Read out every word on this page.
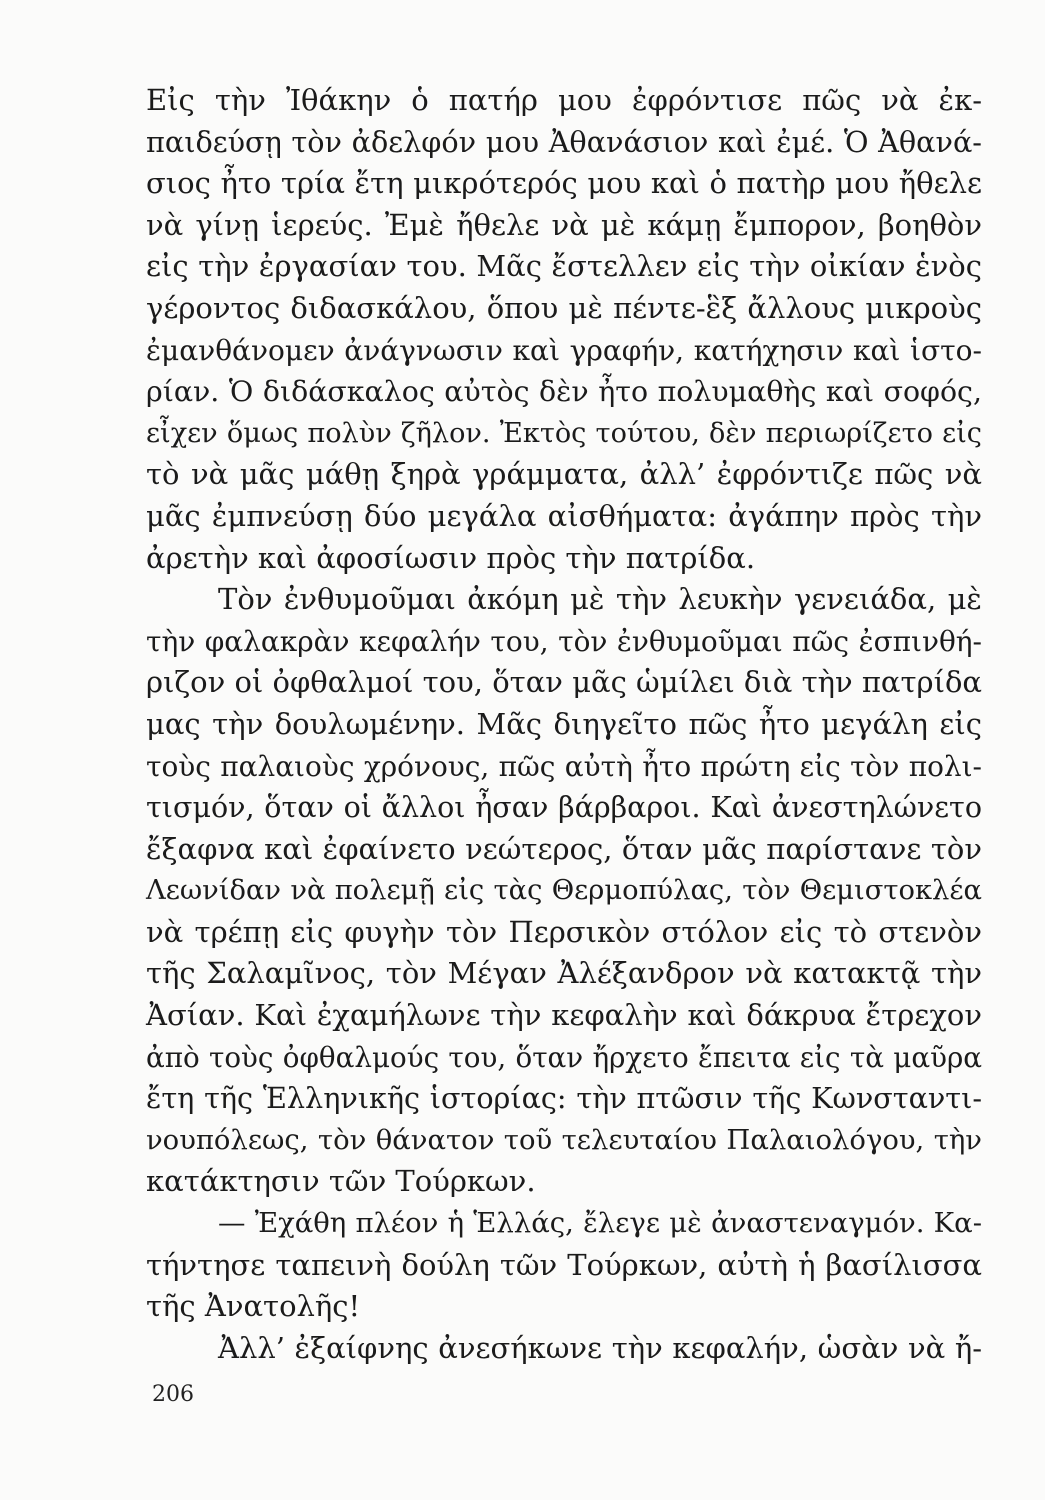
Εἰς τὴν Ἰθάκην ὁ πατήρ μου ἐφρόντισε πῶς νὰ ἐκ-
παιδεύσῃ τὸν ἀδελφόν μου Ἀθανάσιον καὶ ἐμέ. Ὁ Ἀθανά-
σιος ἦτο τρία ἔτη μικρότερός μου καὶ ὁ πατὴρ μου ἤθελε
νὰ γίνῃ ἱερεύς. Ἐμὲ ἤθελε νὰ μὲ κάμῃ ἔμπορον, βοηθὸν
εἰς τὴν ἐργασίαν του. Μᾶς ἔστελλεν εἰς τὴν οἰκίαν ἑνὸς
γέροντος διδασκάλου, ὅπου μὲ πέντε-ἓξ ἄλλους μικροὺς
ἐμανθάνομεν ἀνάγνωσιν καὶ γραφήν, κατήχησιν καὶ ἱστο-
ρίαν. Ὁ διδάσκαλος αὐτὸς δὲν ἦτο πολυμαθὴς καὶ σοφός,
εἶχεν ὅμως πολὺν ζῆλον. Ἐκτὸς τούτου, δὲν περιωρίζετο εἰς
τὸ νὰ μᾶς μάθῃ ξηρὰ γράμματα, ἀλλ’ ἐφρόντιζε πῶς νὰ
μᾶς ἐμπνεύσῃ δύο μεγάλα αἰσθήματα: ἀγάπην πρὸς τὴν
ἀρετὴν καὶ ἀφοσίωσιν πρὸς τὴν πατρίδα.
Τὸν ἐνθυμοῦμαι ἀκόμη μὲ τὴν λευκὴν γενειάδα, μὲ
τὴν φαλακρὰν κεφαλήν του, τὸν ἐνθυμοῦμαι πῶς ἐσπινθή-
ριζον οἱ ὀφθαλμοί του, ὅταν μᾶς ὡμίλει διὰ τὴν πατρίδα
μας τὴν δουλωμένην. Μᾶς διηγεῖτο πῶς ἦτο μεγάλη εἰς
τοὺς παλαιοὺς χρόνους, πῶς αὐτὴ ἦτο πρώτη εἰς τὸν πολι-
τισμόν, ὅταν οἱ ἄλλοι ἦσαν βάρβαροι. Καὶ ἀνεστηλώνετο
ἔξαφνα καὶ ἐφαίνετο νεώτερος, ὅταν μᾶς παρίστανε τὸν
Λεωνίδαν νὰ πολεμῇ εἰς τὰς Θερμοπύλας, τὸν Θεμιστοκλέα
νὰ τρέπῃ εἰς φυγὴν τὸν Περσικὸν στόλον εἰς τὸ στενὸν
τῆς Σαλαμῖνος, τὸν Μέγαν Ἀλέξανδρον νὰ κατακτᾷ τὴν
Ἀσίαν. Καὶ ἐχαμήλωνε τὴν κεφαλὴν καὶ δάκρυα ἔτρεχον
ἀπὸ τοὺς ὀφθαλμούς του, ὅταν ἤρχετο ἔπειτα εἰς τὰ μαῦρα
ἔτη τῆς Ἑλληνικῆς ἱστορίας: τὴν πτῶσιν τῆς Κωνσταντι-
νουπόλεως, τὸν θάνατον τοῦ τελευταίου Παλαιολόγου, τὴν
κατάκτησιν τῶν Τούρκων.
— Ἐχάθη πλέον ἡ Ἑλλάς, ἔλεγε μὲ ἀναστεναγμόν. Κα-
τήντησε ταπεινὴ δούλη τῶν Τούρκων, αὐτὴ ἡ βασίλισσα
τῆς Ἀνατολῆς!
Ἀλλ’ ἐξαίφνης ἀνεσήκωνε τὴν κεφαλήν, ὡσὰν νὰ ἤ-
206
